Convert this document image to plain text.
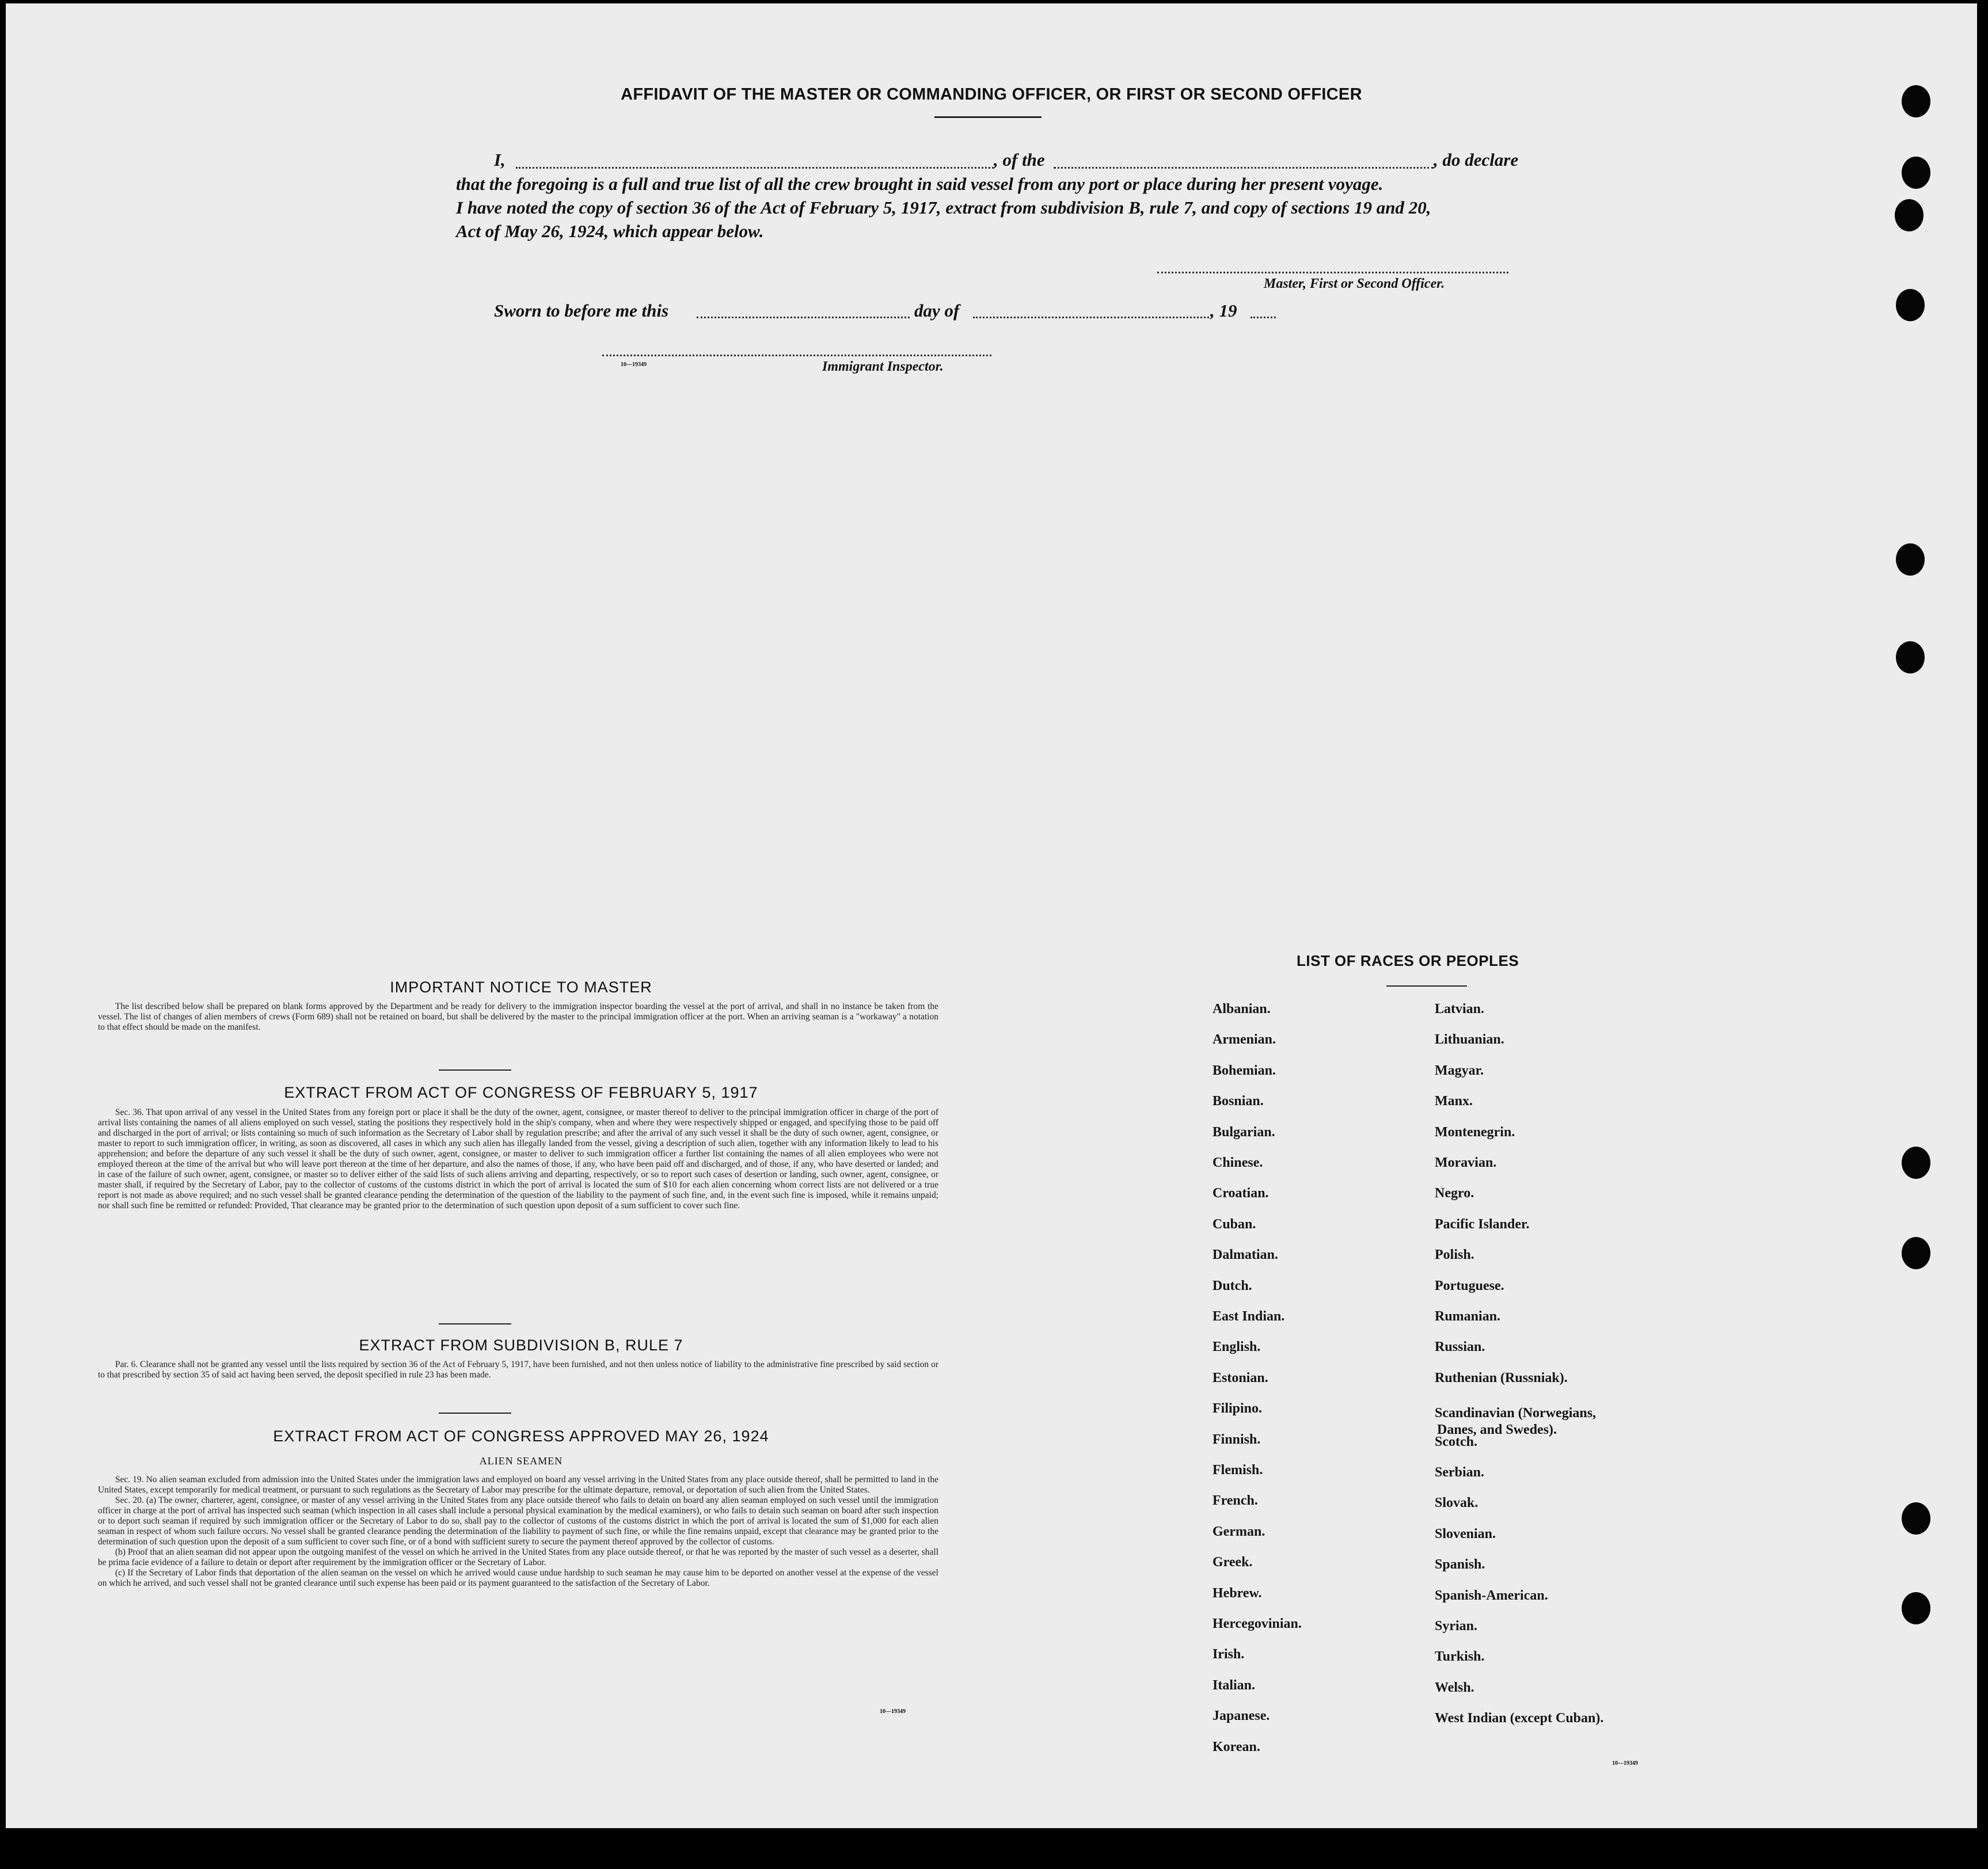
AFFIDAVIT OF THE MASTER OR COMMANDING OFFICER, OR FIRST OR SECOND OFFICER
I,	, of the	, do declare
that the foregoing is a full and true list of all the crew brought in said vessel from any port or place during her present voyage.
I have noted the copy of section 36 of the Act of February 5, 1917, extract from subdivision B, rule 7, and copy of sections 19 and 20,
Act of May 26, 1924, which appear below.
Master, First or Second Officer.
Sworn to before me this	day of	, 19
10—19349	Immigrant Inspector.
IMPORTANT NOTICE TO MASTER

The list described below shall be prepared on blank forms approved by the Department and be ready for delivery to the immigration inspector boarding the vessel at the port of arrival, and shall in no instance be taken from the vessel. The list of changes of alien members of crews (Form 689) shall not be retained on board, but shall be delivered by the master to the principal immigration officer at the port. When an arriving seaman is a "workaway" a notation to that effect should be made on the manifest.

EXTRACT FROM ACT OF CONGRESS OF FEBRUARY 5, 1917

Sec. 36. That upon arrival of any vessel in the United States from any foreign port or place it shall be the duty of the owner, agent, consignee, or master thereof to deliver to the principal immigration officer in charge of the port of arrival lists containing the names of all aliens employed on such vessel, stating the positions they respectively hold in the ship's company, when and where they were respectively shipped or engaged, and specifying those to be paid off and discharged in the port of arrival; or lists containing so much of such information as the Secretary of Labor shall by regulation prescribe; and after the arrival of any such vessel it shall be the duty of such owner, agent, consignee, or master to report to such immigration officer, in writing, as soon as discovered, all cases in which any such alien has illegally landed from the vessel, giving a description of such alien, together with any information likely to lead to his apprehension; and before the departure of any such vessel it shall be the duty of such owner, agent, consignee, or master to deliver to such immigration officer a further list containing the names of all alien employees who were not employed thereon at the time of the arrival but who will leave port thereon at the time of her departure, and also the names of those, if any, who have been paid off and discharged, and of those, if any, who have deserted or landed; and in case of the failure of such owner, agent, consignee, or master so to deliver either of the said lists of such aliens arriving and departing, respectively, or so to report such cases of desertion or landing, such owner, agent, consignee, or master shall, if required by the Secretary of Labor, pay to the collector of customs of the customs district in which the port of arrival is located the sum of $10 for each alien concerning whom correct lists are not delivered or a true report is not made as above required; and no such vessel shall be granted clearance pending the determination of the question of the liability to the payment of such fine, and, in the event such fine is imposed, while it remains unpaid; nor shall such fine be remitted or refunded: Provided, That clearance may be granted prior to the determination of such question upon deposit of a sum sufficient to cover such fine.

EXTRACT FROM SUBDIVISION B, RULE 7

Par. 6. Clearance shall not be granted any vessel until the lists required by section 36 of the Act of February 5, 1917, have been furnished, and not then unless notice of liability to the administrative fine prescribed by said section or to that prescribed by section 35 of said act having been served, the deposit specified in rule 23 has been made.

EXTRACT FROM ACT OF CONGRESS APPROVED MAY 26, 1924
ALIEN SEAMEN

Sec. 19. No alien seaman excluded from admission into the United States under the immigration laws and employed on board any vessel arriving in the United States from any place outside thereof, shall be permitted to land in the United States, except temporarily for medical treatment, or pursuant to such regulations as the Secretary of Labor may prescribe for the ultimate departure, removal, or deportation of such alien from the United States.

Sec. 20. (a) The owner, charterer, agent, consignee, or master of any vessel arriving in the United States from any place outside thereof who fails to detain on board any alien seaman employed on such vessel until the immigration officer in charge at the port of arrival has inspected such seaman (which inspection in all cases shall include a personal physical examination by the medical examiners), or who fails to detain such seaman on board after such inspection or to deport such seaman if required by such immigration officer or the Secretary of Labor to do so, shall pay to the collector of customs of the customs district in which the port of arrival is located the sum of $1,000 for each alien seaman in respect of whom such failure occurs. No vessel shall be granted clearance pending the determination of the liability to payment of such fine, or while the fine remains unpaid, except that clearance may be granted prior to the determination of such question upon the deposit of a sum sufficient to cover such fine, or of a bond with sufficient surety to secure the payment thereof approved by the collector of customs.

(b) Proof that an alien seaman did not appear upon the outgoing manifest of the vessel on which he arrived in the United States from any place outside thereof, or that he was reported by the master of such vessel as a deserter, shall be prima facie evidence of a failure to detain or deport after requirement by the immigration officer or the Secretary of Labor.

(c) If the Secretary of Labor finds that deportation of the alien seaman on the vessel on which he arrived would cause undue hardship to such seaman he may cause him to be deported on another vessel at the expense of the vessel on which he arrived, and such vessel shall not be granted clearance until such expense has been paid or its payment guaranteed to the satisfaction of the Secretary of Labor.

10—19349
LIST OF RACES OR PEOPLES
10—19349
Albanian.
Armenian.
Bohemian.
Bosnian.
Bulgarian.
Chinese.
Croatian.
Cuban.
Dalmatian.
Dutch.
East Indian.
English.
Estonian.
Filipino.
Finnish.
Flemish.
French.
German.
Greek.
Hebrew.
Hercegovinian.
Irish.
Italian.
Japanese.
Korean.
Latvian.
Lithuanian.
Magyar.
Manx.
Montenegrin.
Moravian.
Negro.
Pacific Islander.
Polish.
Portuguese.
Rumanian.
Russian.
Ruthenian (Russniak).
Scandinavian (Norwegians,
Danes, and Swedes).
Scotch.
Serbian.
Slovak.
Slovenian.
Spanish.
Spanish-American.
Syrian.
Turkish.
Welsh.
West Indian (except Cuban).
